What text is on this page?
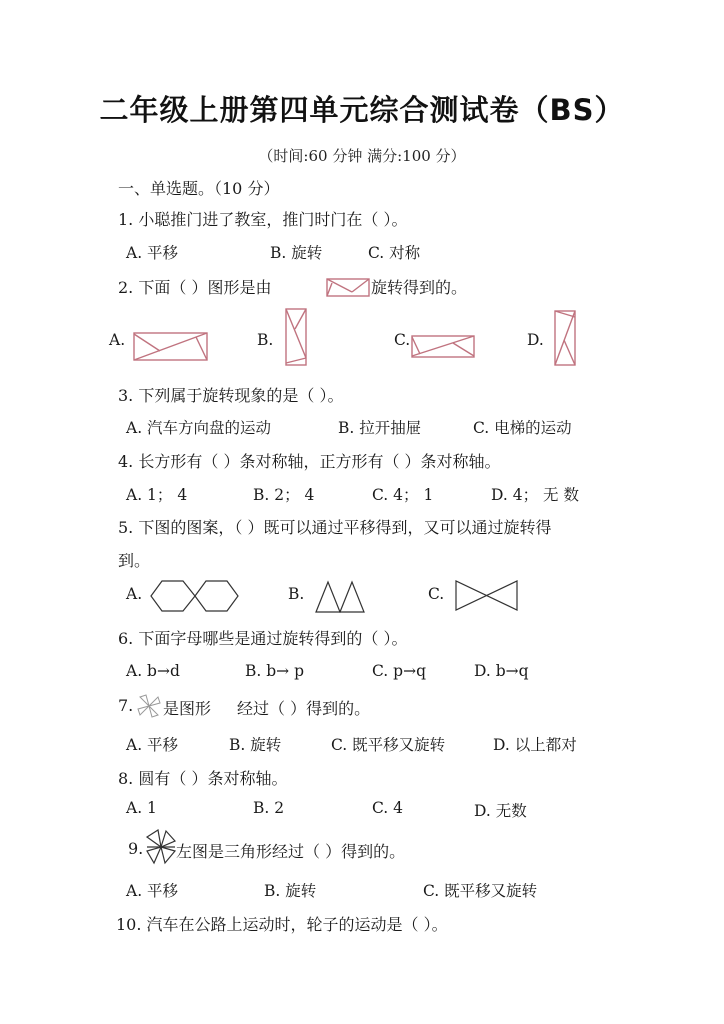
二年级上册第四单元综合测试卷（BS）
（时间:60 分钟 满分:100 分）
一、单选题。（10 分）
1. 小聪推门进了教室，推门时门在（ ）。
A. 平移	B. 旋转	C. 对称
2. 下面（ ）图形是由	旋转得到的。
A.	B.	C.	D.
3. 下列属于旋转现象的是（ ）。
A. 汽车方向盘的运动	B. 拉开抽屉	C. 电梯的运动
4. 长方形有（ ）条对称轴，正方形有（ ）条对称轴。
A. 1； 4	B. 2； 4	C. 4； 1	D. 4； 无 数
5. 下图的图案，（ ）既可以通过平移得到，又可以通过旋转得
到。
A.	B.	C.
6. 下面字母哪些是通过旋转得到的（ ）。
A. b→d	B. b→ p	C. p→q	D. b→q
7. 是图形 经过（ ）得到的。
A. 平移	B. 旋转	C. 既平移又旋转	D. 以上都对
8. 圆有（ ）条对称轴。
A. 1	B. 2	C. 4	D. 无数
9. 左图是三角形经过（ ）得到的。
A. 平移	B. 旋转	C. 既平移又旋转
10. 汽车在公路上运动时，轮子的运动是（ ）。
